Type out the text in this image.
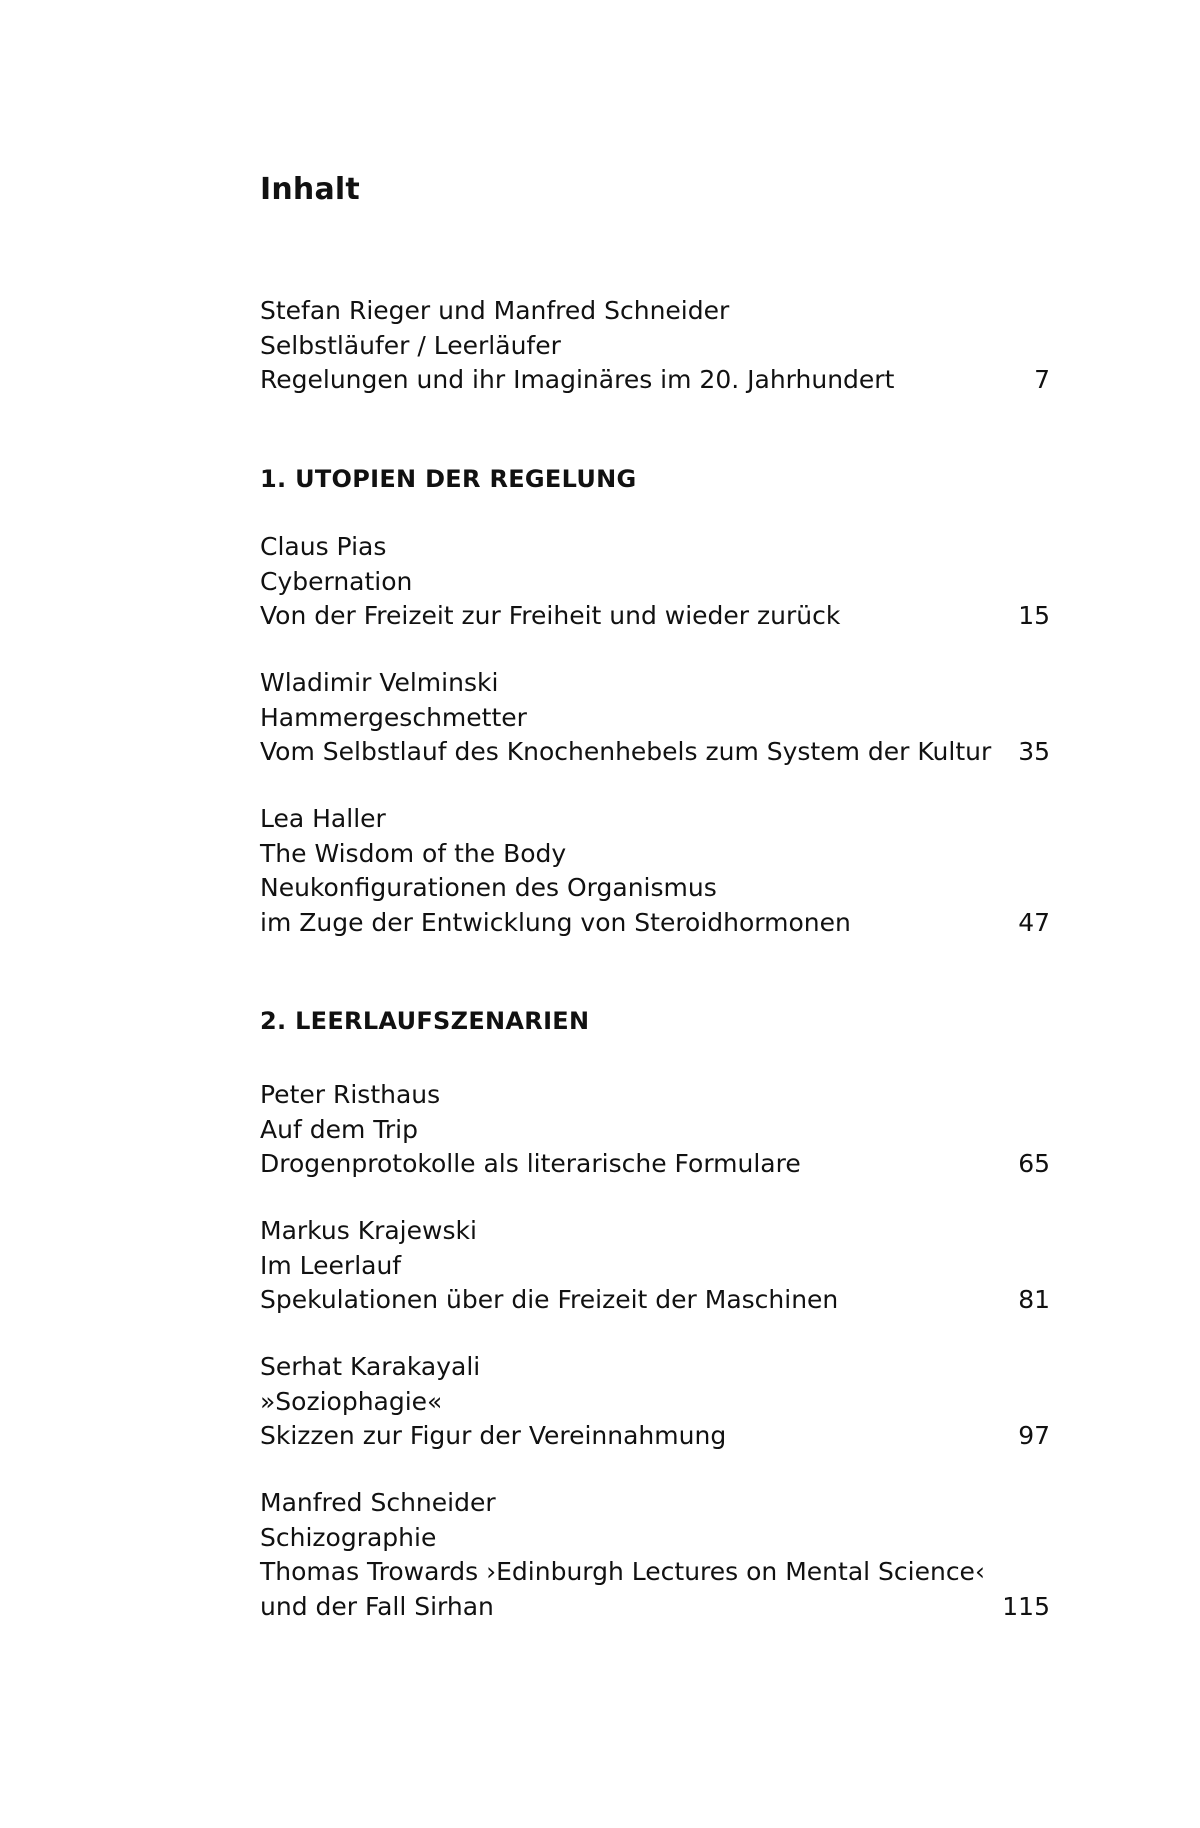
Inhalt
Stefan Rieger und Manfred Schneider
Selbstläufer / Leerläufer
Regelungen und ihr Imaginäres im 20. Jahrhundert	7
1. UTOPIEN DER REGELUNG
Claus Pias
Cybernation
Von der Freizeit zur Freiheit und wieder zurück	15
Wladimir Velminski
Hammergeschmetter
Vom Selbstlauf des Knochenhebels zum System der Kultur	35
Lea Haller
The Wisdom of the Body
Neukonfigurationen des Organismus
im Zuge der Entwicklung von Steroidhormonen	47
2. LEERLAUFSZENARIEN
Peter Risthaus
Auf dem Trip
Drogenprotokolle als literarische Formulare	65
Markus Krajewski
Im Leerlauf
Spekulationen über die Freizeit der Maschinen	81
Serhat Karakayali
»Soziophagie«
Skizzen zur Figur der Vereinnahmung	97
Manfred Schneider
Schizographie
Thomas Trowards ›Edinburgh Lectures on Mental Science‹
und der Fall Sirhan	115
